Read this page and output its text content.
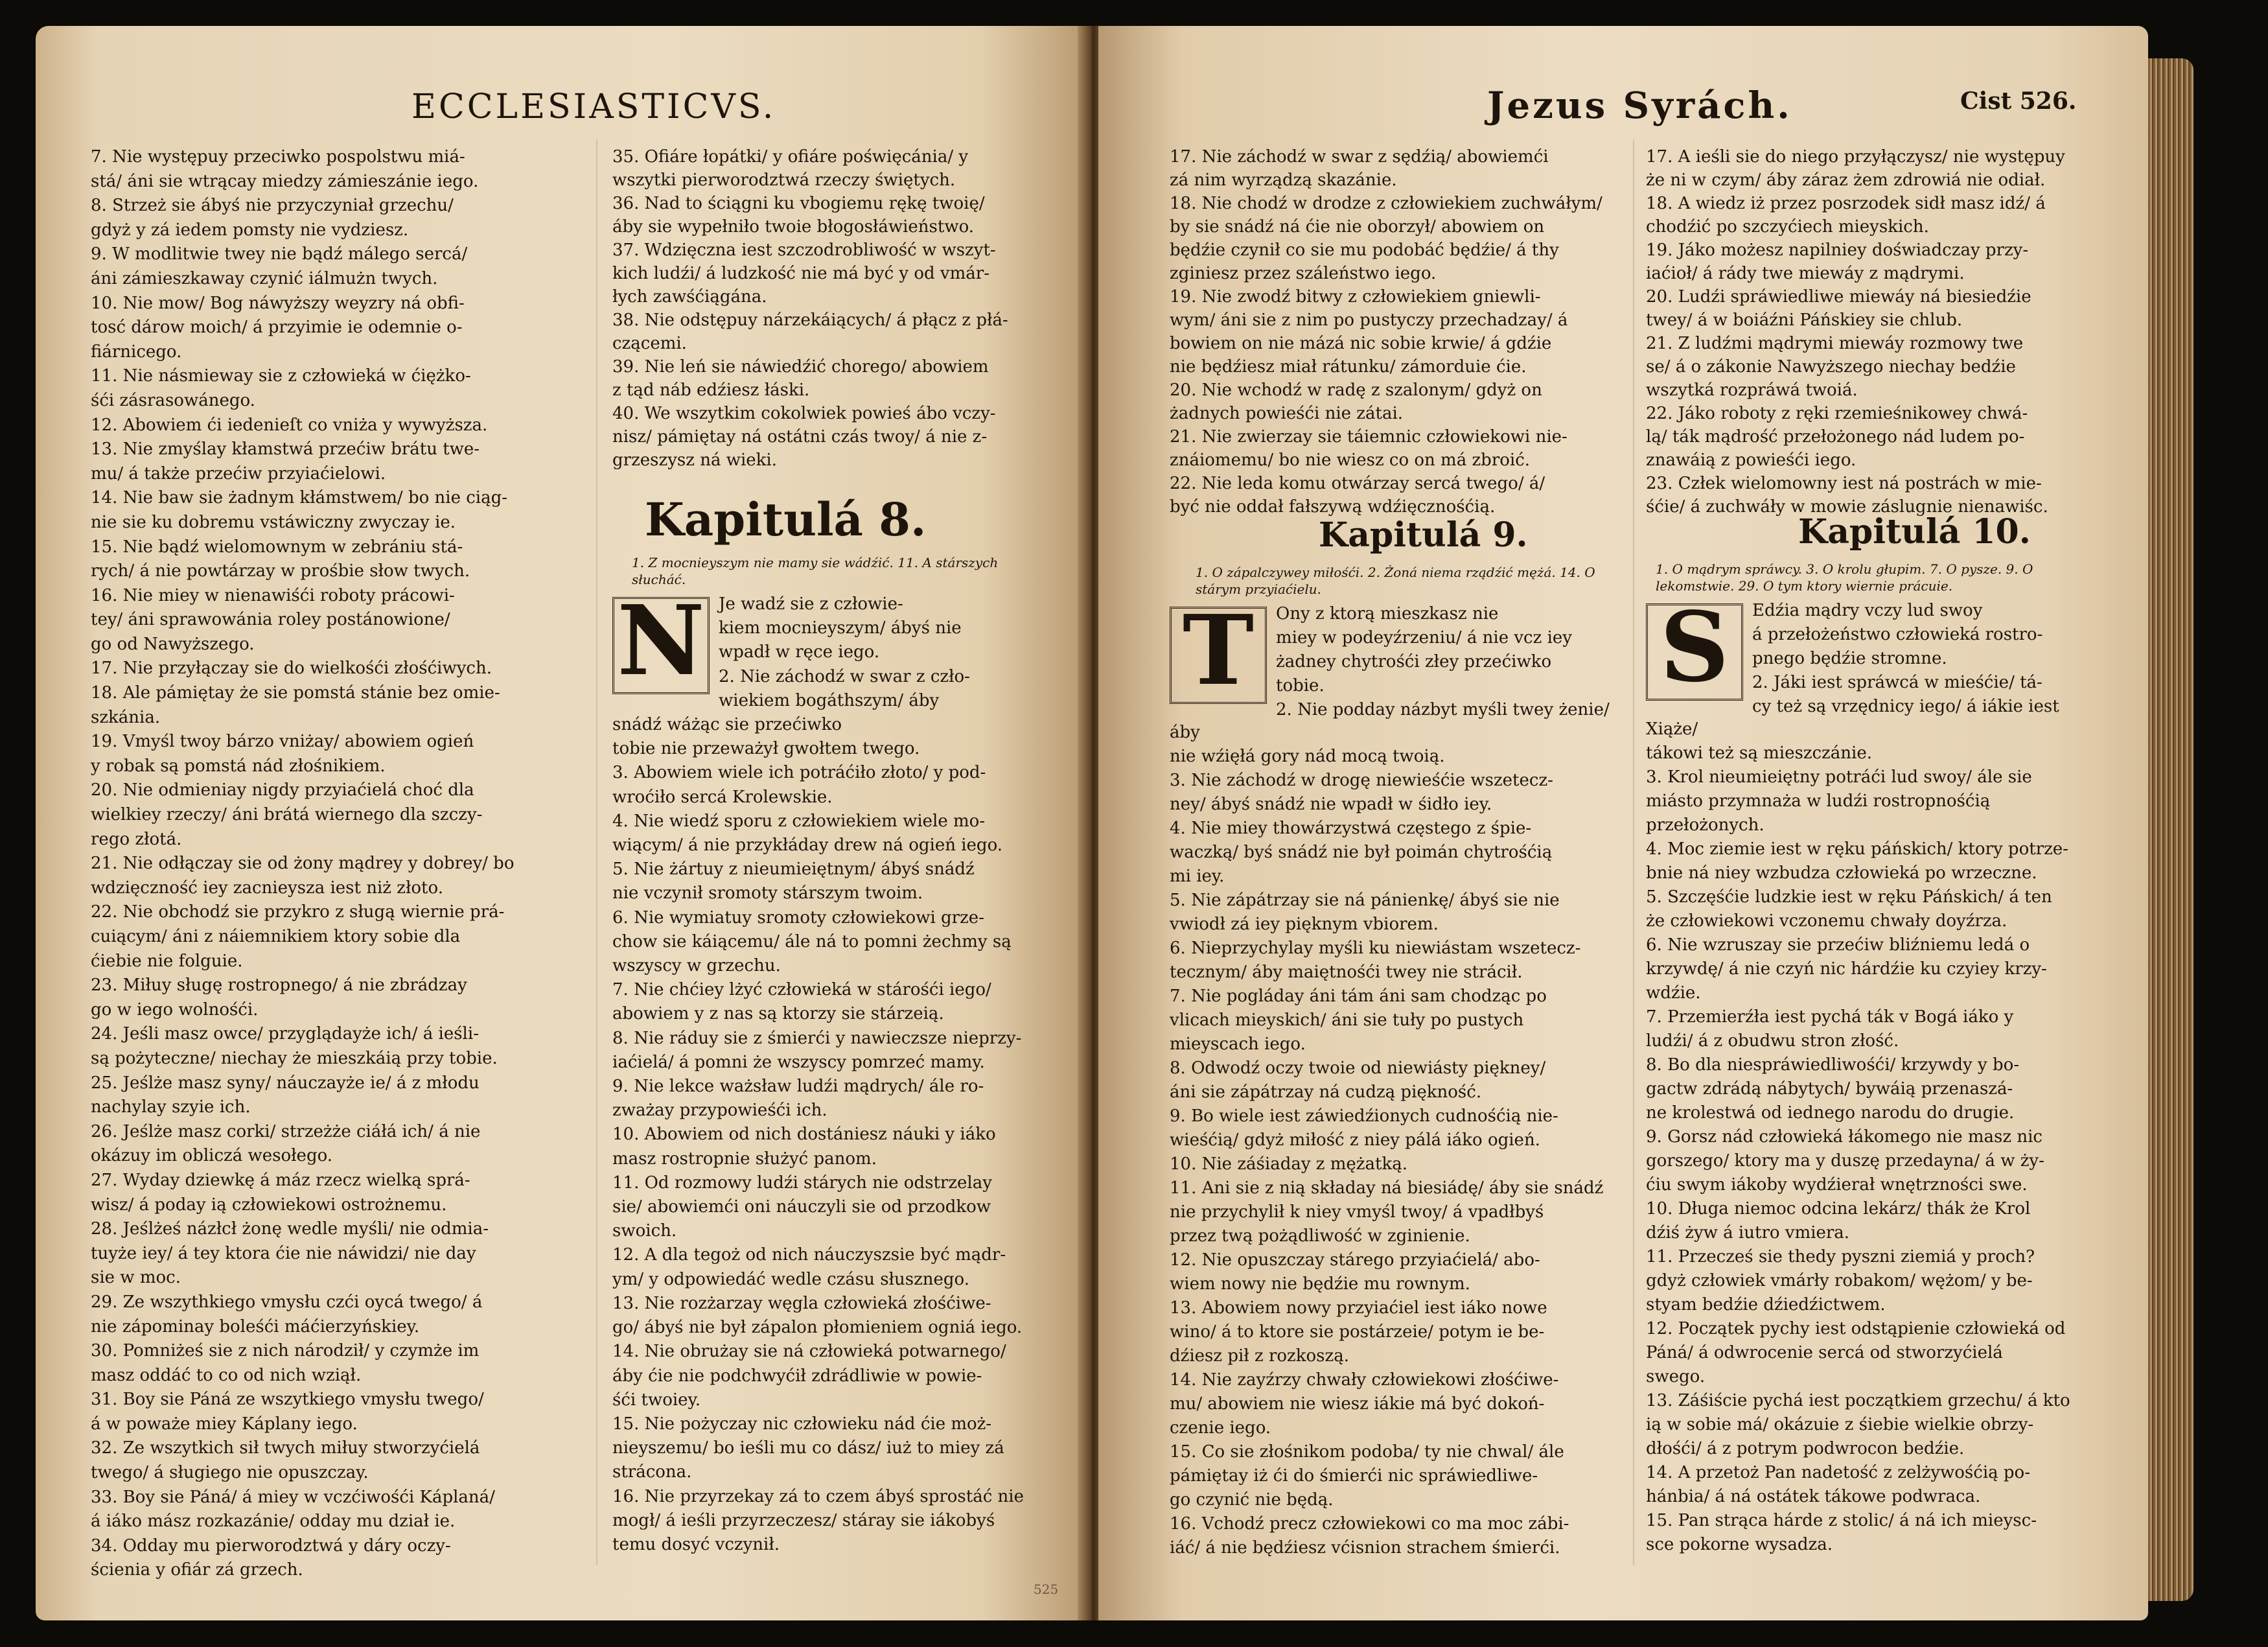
ECCLESIASTICVS.
7. Nie występuy przeciwko pospolstwu miá-
stá/ áni sie wtrącay miedzy zámieszánie iego.
8. Strzeż sie ábyś nie przyczyniał grzechu/
gdyż y zá iedem pomsty nie vydziesz.
9. W modlitwie twey nie bądź málego sercá/
áni zámieszkaway czynić iálmużn twych.
10. Nie mow/ Bog náwyższy weyzry ná obfi-
tosć dárow moich/ á przyimie ie odemnie o-
fiárnicego.
11. Nie násmieway sie z człowieká w ćiężko-
śći zásrasowánego.
12. Abowiem ći iedenieſt co vniża y wywyższa.
13. Nie zmyślay kłamstwá przećiw brátu twe-
mu/ á także przećiw przyiaćielowi.
14. Nie baw sie żadnym kłámstwem/ bo nie ciąg-
nie sie ku dobremu vstáwiczny zwyczay ie.
15. Nie bądź wielomownym w zebrániu stá-
rych/ á nie powtárzay w prośbie słow twych.
16. Nie miey w nienawiśći roboty prácowi-
tey/ áni sprawowánia roley postánowione/
go od Nawyższego.
17. Nie przyłączay sie do wielkośći złośćiwych.
18. Ale pámiętay że sie pomstá stánie bez omie-
szkánia.
19. Vmyśl twoy bárzo vniżay/ abowiem ogień
y robak są pomstá nád złośnikiem.
20. Nie odmieniay nigdy przyiaćielá choć dla
wielkiey rzeczy/ áni brátá wiernego dla szczy-
rego złotá.
21. Nie odłączay sie od żony mądrey y dobrey/ bo
wdzięczność iey zacnieysza iest niż złoto.
22. Nie obchodź sie przykro z sługą wiernie prá-
cuiącym/ áni z náiemnikiem ktory sobie dla
ćiebie nie folguie.
23. Miłuy sługę rostropnego/ á nie zbrádzay
go w iego wolnośći.
24. Jeśli masz owce/ przyglądayże ich/ á ieśli-
są pożyteczne/ niechay że mieszkáią przy tobie.
25. Jeślże masz syny/ náuczayże ie/ á z młodu
nachylay szyie ich.
26. Jeślże masz corki/ strzeżże ciáłá ich/ á nie
okázuy im obliczá wesołego.
27. Wyday dziewkę á máz rzecz wielką sprá-
wisz/ á poday ią człowiekowi ostrożnemu.
28. Jeślżeś názłcł żonę wedle myśli/ nie odmia-
tuyże iey/ á tey ktora ćie nie náwidzi/ nie day
sie w moc.
29. Ze wszythkiego vmysłu czći oycá twego/ á
nie zápominay boleśći máćierzyńskiey.
30. Pomniżeś sie z nich národził/ y czymże im
masz oddáć to co od nich wziął.
31. Boy sie Páná ze wszytkiego vmysłu twego/
á w poważe miey Káplany iego.
32. Ze wszytkich sił twych miłuy stworzyćielá
twego/ á sługiego nie opuszczay.
33. Boy sie Páná/ á miey w vczćiwośći Káplaná/
á iáko mász rozkazánie/ odday mu dział ie.
34. Odday mu pierworodztwá y dáry oczy-
ścienia y ofiár zá grzech.
35. Ofiáre łopátki/ y ofiáre poświęcánia/ y
wszytki pierworodztwá rzeczy świętych.
36. Nad to ściągni ku vbogiemu rękę twoię/
áby sie wypełniło twoie błogosłáwieństwo.
37. Wdzięczna iest szczodrobliwość w wszyt-
kich ludźi/ á ludzkość nie má być y od vmár-
łych zawśćiągána.
38. Nie odstępuy nárzekáiących/ á płącz z płá-
czącemi.
39. Nie leń sie náwiedźić chorego/ abowiem
z tąd náb edźiesz łáski.
40. We wszytkim cokolwiek powieś ábo vczy-
nisz/ pámiętay ná ostátni czás twoy/ á nie z-
grzeszysz ná wieki.
Kapitulá 8.
1. Z mocnieyszym nie mamy sie wádźić. 11. A stárszych słucháć.
N Je wadź sie z człowie-
kiem mocnieyszym/ ábyś nie
wpadł w ręce iego.
2. Nie záchodź w swar z czło-
wiekiem bogáthszym/ áby
snádź wáżąc sie przećiwko
tobie nie przeważył gwołtem twego.
3. Abowiem wiele ich potráćiło złoto/ y pod-
wroćiło sercá Krolewskie.
4. Nie wiedź sporu z człowiekiem wiele mo-
wiącym/ á nie przykłáday drew ná ogień iego.
5. Nie żártuy z nieumieiętnym/ ábyś snádź
nie vczynił sromoty stárszym twoim.
6. Nie wymiatuy sromoty człowiekowi grze-
chow sie káiącemu/ ále ná to pomni żechmy są
wszyscy w grzechu.
7. Nie chćiey lżyć człowieká w stárośći iego/
abowiem y z nas są ktorzy sie stárzeią.
8. Nie ráduy sie z śmierći y nawieczsze nieprzy-
iaćielá/ á pomni że wszyscy pomrzeć mamy.
9. Nie lekce ważsław ludźi mądrych/ ále ro-
zważay przypowieśći ich.
10. Abowiem od nich dostániesz náuki y iáko
masz rostropnie służyć panom.
11. Od rozmowy ludźi stárych nie odstrzelay
sie/ abowiemći oni náuczyli sie od przodkow
swoich.
12. A dla tegoż od nich náuczyszsie być mądr-
ym/ y odpowiedáć wedle czásu słusznego.
13. Nie rozżarzay węgla człowieká złośćiwe-
go/ ábyś nie był zápalon płomieniem ogniá iego.
14. Nie obrużay sie ná człowieká potwarnego/
áby ćie nie podchwyćił zdrádliwie w powie-
śći twoiey.
15. Nie pożyczay nic człowieku nád ćie moż-
nieyszemu/ bo ieśli mu co dász/ iuż to miey zá
strácona.
16. Nie przyrzekay zá to czem ábyś sprostáć nie
mogł/ á ieśli przyrzeczesz/ stáray sie iákobyś
temu dosyć vczynił.
525
Jezus Syrách.	Cist 526.
17. Nie záchodź w swar z sędźią/ abowiemći
zá nim wyrządzą skazánie.
18. Nie chodź w drodze z człowiekiem zuchwáłym/
by sie snádź ná ćie nie oborzył/ abowiem on
będźie czynił co sie mu podobáć będźie/ á thy
zginiesz przez száleństwo iego.
19. Nie zwodź bitwy z człowiekiem gniewli-
wym/ áni sie z nim po pustyczy przechadzay/ á
bowiem on nie mázá nic sobie krwie/ á gdźie
nie będźiesz miał rátunku/ zámorduie ćie.
20. Nie wchodź w radę z szalonym/ gdyż on
żadnych powieśći nie zátai.
21. Nie zwierzay sie táiemnic człowiekowi nie-
znáiomemu/ bo nie wiesz co on má zbroić.
22. Nie leda komu otwárzay sercá twego/ á/
być nie oddał fałszywą wdźięcznośćią.
Kapitulá 9.
1. O zápalczywey miłośći. 2. Żoná niema rządźić mężá. 14. O stárym przyiaćielu.
T	Ony z ktorą mieszkasz nie
miey w podeyźrzeniu/ á nie vcz iey
żadney chytrośći złey przećiwko
tobie.
2. Nie podday názbyt myśli twey żenie/ áby
nie wźięłá gory nád mocą twoią.
3. Nie záchodź w drogę niewieśćie wszetecz-
ney/ ábyś snádź nie wpadł w śidło iey.
4. Nie miey thowárzystwá częstego z śpie-
waczką/ byś snádź nie był poimán chytrośćią
mi iey.
5. Nie zápátrzay sie ná pánienkę/ ábyś sie nie
vwiodł zá iey pięknym vbiorem.
6. Nieprzychylay myśli ku niewiástam wszetecz-
tecznym/ áby maiętnośći twey nie strácił.
7. Nie pogláday áni tám áni sam chodząc po
vlicach mieyskich/ áni sie tuły po pustych
mieyscach iego.
8. Odwodź oczy twoie od niewiásty piękney/
áni sie zápátrzay ná cudzą piękność.
9. Bo wiele iest záwiedźionych cudnośćią nie-
wieśćią/ gdyż miłość z niey pálá iáko ogień.
10. Nie záśiaday z mężatką.
11. Ani sie z nią składay ná biesiádę/ áby sie snádź
nie przychylił k niey vmyśl twoy/ á vpadłbyś
przez twą pożądliwość w zginienie.
12. Nie opuszczay stárego przyiaćielá/ abo-
wiem nowy nie będźie mu rownym.
13. Abowiem nowy przyiaćiel iest iáko nowe
wino/ á to ktore sie postárzeie/ potym ie be-
dźiesz pił z rozkoszą.
14. Nie zayźrzy chwały człowiekowi złośćiwe-
mu/ abowiem nie wiesz iákie má być dokoń-
czenie iego.
15. Co sie złośnikom podoba/ ty nie chwal/ ále
pámiętay iż ći do śmierći nic spráwiedliwe-
go czynić nie będą.
16. Vchodź precz człowiekowi co ma moc zábi-
iáć/ á nie będźiesz vćisnion strachem śmierći.
17. A ieśli sie do niego przyłączysz/ nie występuy
że ni w czym/ áby záraz żem zdrowiá nie odiał.
18. A wiedz iż przez posrzodek sidł masz idź/ á
chodźić po szczyćiech mieyskich.
19. Jáko możesz napilniey doświadczay przy-
iaćioł/ á rády twe miewáy z mądrymi.
20. Ludźi spráwiedliwe miewáy ná biesiedźie
twey/ á w boiáźni Páńskiey sie chlub.
21. Z ludźmi mądrymi miewáy rozmowy twe
se/ á o zákonie Nawyższego niechay bedźie
wszytká rozpráwá twoiá.
22. Jáko roboty z ręki rzemieśnikowey chwá-
lą/ ták mądrość przełożonego nád ludem po-
znawáią z powieśći iego.
23. Człek wielomowny iest ná postrách w mie-
śćie/ á zuchwáły w mowie záslugnie nienawiśc.
Kapitulá 10.
1. O mądrym spráwcy. 3. O krolu głupim. 7. O pysze. 9. O lekomstwie. 29. O tym ktory wiernie prácuie.
S	Edźia mądry vczy lud swoy
á przełożeństwo człowieká rostro-
pnego będźie stromne.
2. Jáki iest spráwcá w mieśćie/ tá-
cy też są vrzędnicy iego/ á iákie iest Xiąże/
tákowi też są mieszczánie.
3. Krol nieumieiętny potráći lud swoy/ ále sie
miásto przymnaża w ludźi rostropnośćią
przełożonych.
4. Moc ziemie iest w ręku páńskich/ ktory potrze-
bnie ná niey wzbudza człowieká po wrzeczne.
5. Szczęśćie ludzkie iest w ręku Páńskich/ á ten
że człowiekowi vczonemu chwały doyźrza.
6. Nie wzruszay sie przećiw bliźniemu ledá o
krzywdę/ á nie czyń nic hárdźie ku czyiey krzy-
wdźie.
7. Przemierźła iest pychá ták v Bogá iáko y
ludźi/ á z obudwu stron złość.
8. Bo dla niespráwiedliwośći/ krzywdy y bo-
gactw zdrádą nábytych/ bywáią przenaszá-
ne krolestwá od iednego narodu do drugie.
9. Gorsz nád człowieká łákomego nie masz nic
gorszego/ ktory ma y duszę przedayna/ á w ży-
ćiu swym iákoby wydźierał wnętrzności swe.
10. Długa niemoc odcina lekárz/ thák że Krol
dźiś żyw á iutro vmiera.
11. Przecześ sie thedy pyszni ziemiá y proch?
gdyż człowiek vmárły robakom/ wężom/ y be-
styam bedźie dźiedźictwem.
12. Początek pychy iest odstąpienie człowieká od
Páná/ á odwrocenie sercá od stworzyćielá
swego.
13. Záśiście pychá iest początkiem grzechu/ á kto
ią w sobie má/ okázuie z śiebie wielkie obrzy-
dłośći/ á z potrym podwrocon bedźie.
14. A przetoż Pan nadetość z zelżywośćią po-
hánbia/ á ná ostátek tákowe podwraca.
15. Pan strąca hárde z stolic/ á ná ich mieysc-
sce pokorne wysadza.
